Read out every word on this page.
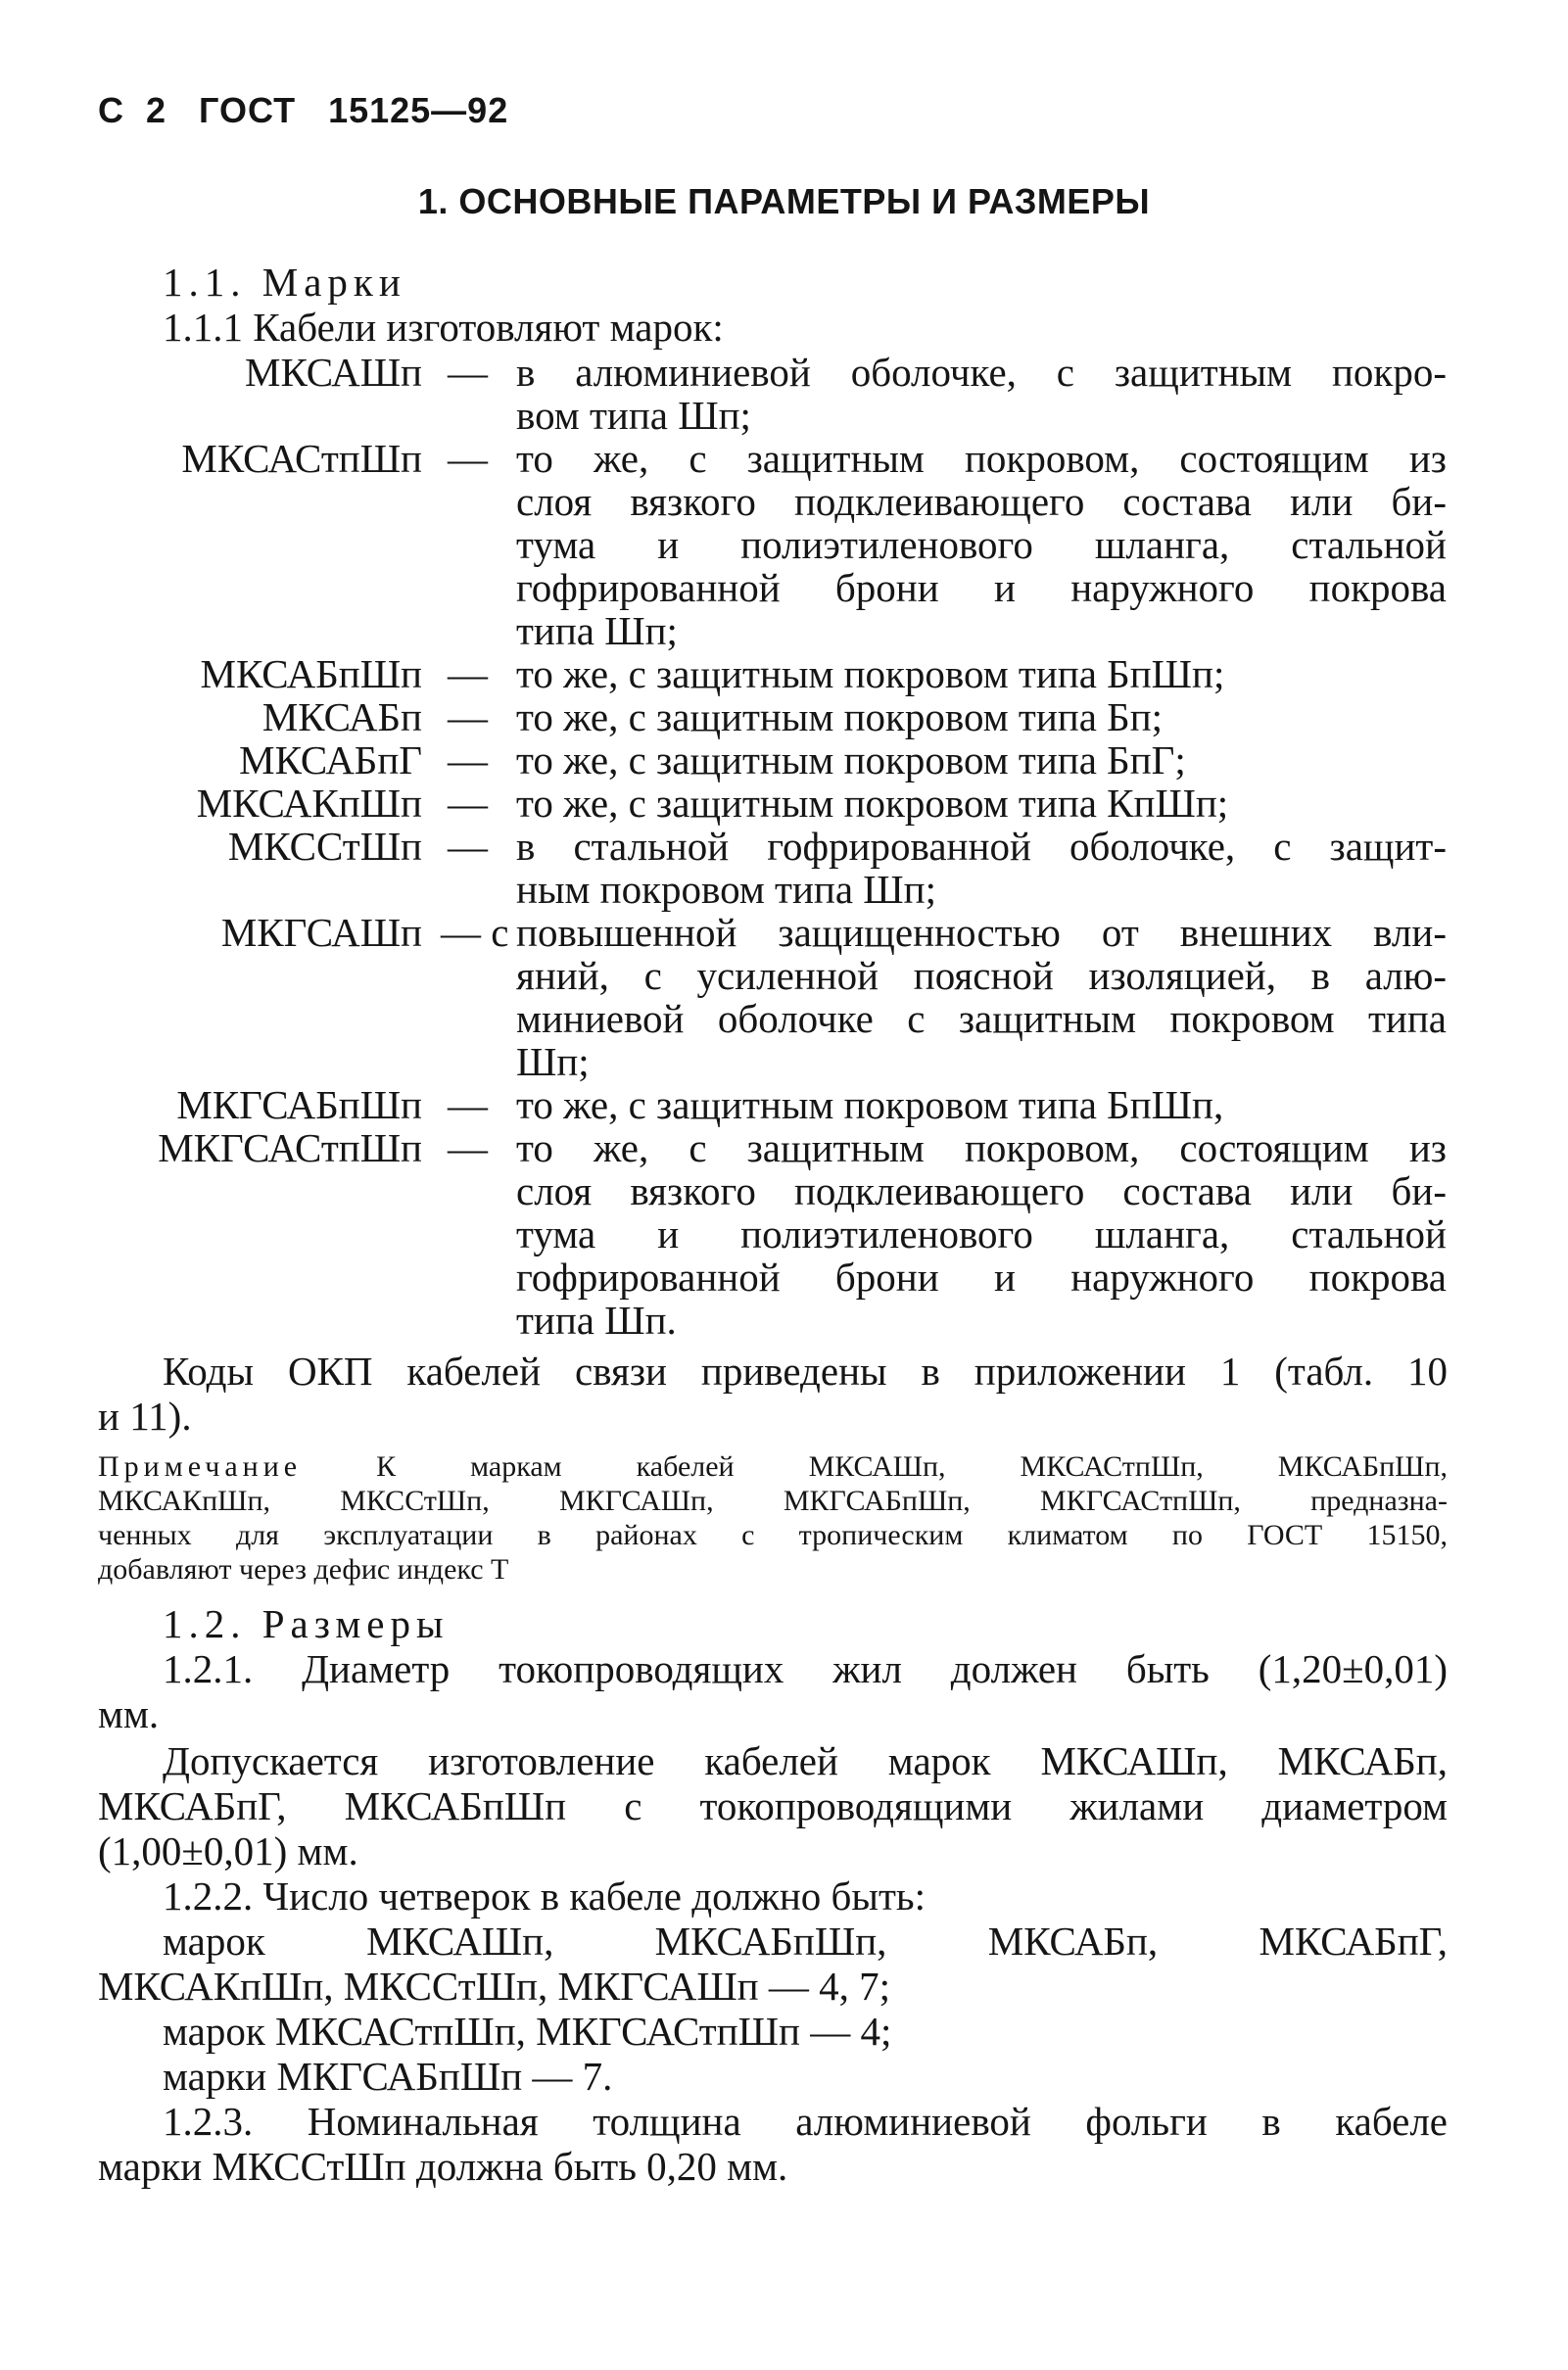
С  2   ГОСТ   15125—92
1. ОСНОВНЫЕ ПАРАМЕТРЫ И РАЗМЕРЫ
1.1. Марки
1.1.1 Кабели изготовляют марок:
МКСАШп — в алюминиевой оболочке, с защитным покро-
вом типа Шп;
МКСАСтпШп — то же, с защитным покровом, состоящим из
слоя вязкого подклеивающего состава или би-
тума и полиэтиленового шланга, стальной
гофрированной брони и наружного покрова
типа Шп;
МКСАБпШп — то же, с защитным покровом типа БпШп;
МКСАБп — то же, с защитным покровом типа Бп;
МКСАБпГ — то же, с защитным покровом типа БпГ;
МКСАКпШп — то же, с защитным покровом типа КпШп;
МКССтШп — в стальной гофрированной оболочке, с защит-
ным покровом типа Шп;
МКГСАШп — с повышенной защищенностью от внешних вли-
яний, с усиленной поясной изоляцией, в алю-
миниевой оболочке с защитным покровом типа
Шп;
МКГСАБпШп — то же, с защитным покровом типа БпШп,
МКГСАСтпШп — то же, с защитным покровом, состоящим из
слоя вязкого подклеивающего состава или би-
тума и полиэтиленового шланга, стальной
гофрированной брони и наружного покрова
типа Шп.
Коды ОКП кабелей связи приведены в приложении 1 (табл. 10
и 11).
Примечание	К маркам кабелей МКСАШп, МКСАСтпШп, МКСАБпШп,
МКСАКпШп, МКССтШп, МКГСАШп, МКГСАБпШп, МКГСАСтпШп, предназна-
ченных для эксплуатации в районах с тропическим климатом по ГОСТ 15150,
добавляют через дефис индекс Т
1.2. Размеры
1.2.1. Диаметр токопроводящих жил должен быть (1,20±0,01)
мм.
Допускается изготовление кабелей марок МКСАШп, МКСАБп,
МКСАБпГ, МКСАБпШп с токопроводящими жилами диаметром
(1,00±0,01) мм.
1.2.2. Число четверок в кабеле должно быть:
марок МКСАШп, МКСАБпШп, МКСАБп, МКСАБпГ,
МКСАКпШп, МКССтШп, МКГСАШп — 4, 7;
марок МКСАСтпШп, МКГСАСтпШп — 4;
марки МКГСАБпШп — 7.
1.2.3. Номинальная толщина алюминиевой фольги в кабеле
марки МКССтШп должна быть 0,20 мм.
